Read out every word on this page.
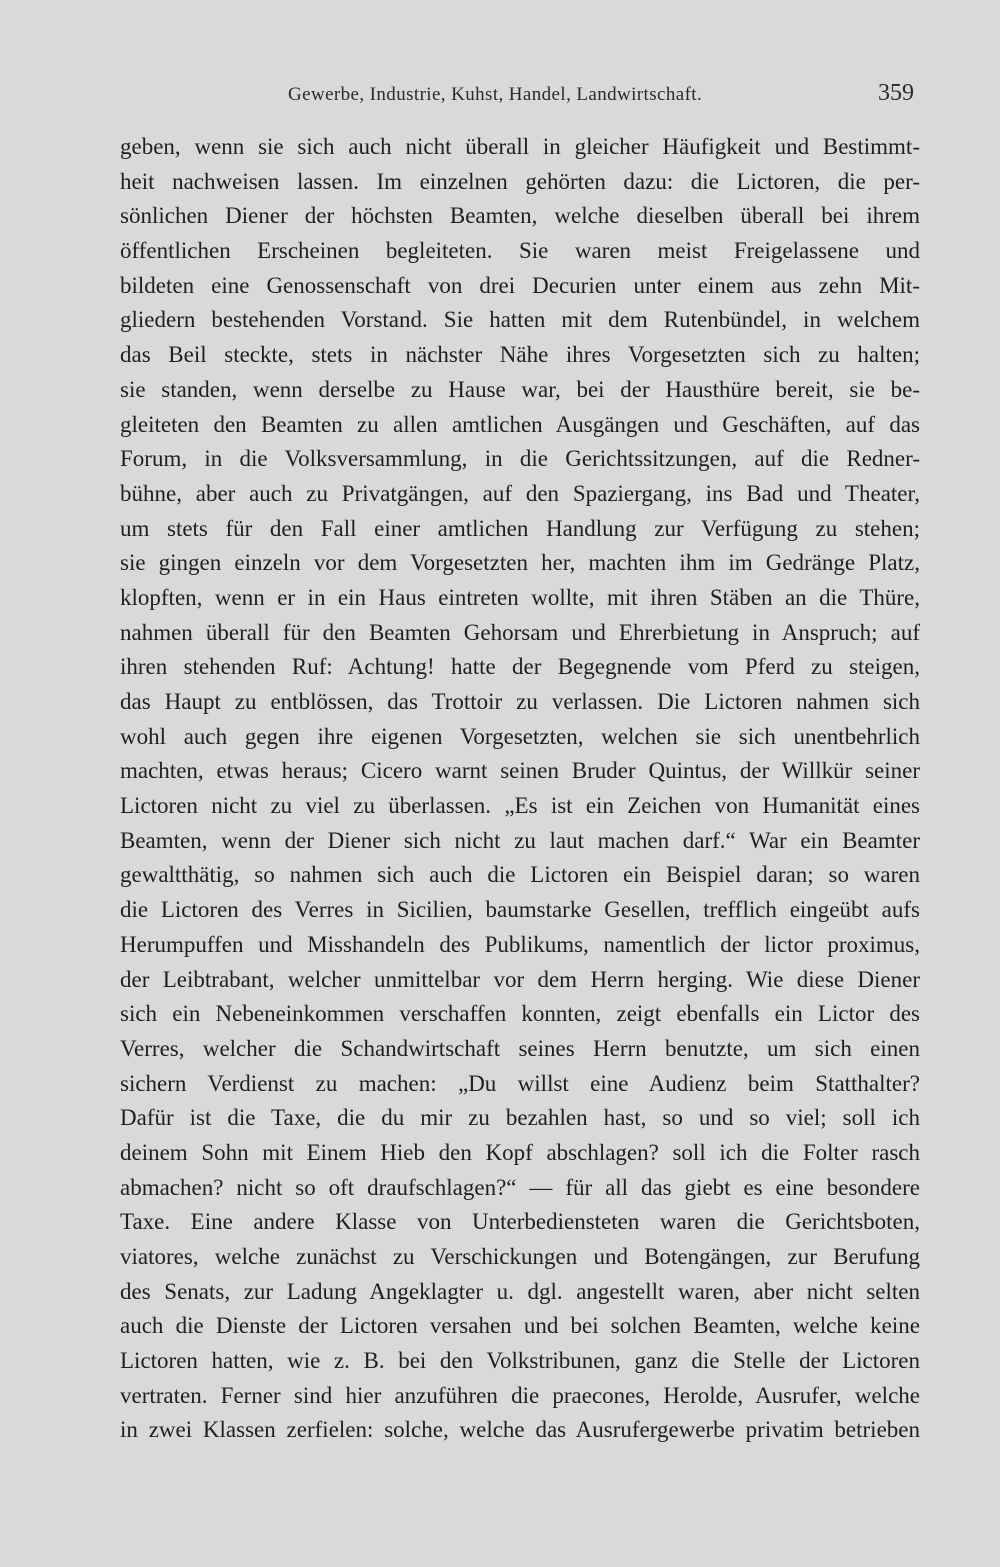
Gewerbe, Industrie, Kuhst, Handel, Landwirtschaft.	359
geben, wenn sie sich auch nicht überall in gleicher Häufigkeit und Bestimmt-
heit nachweisen lassen. Im einzelnen gehörten dazu: die Lictoren, die per-
sönlichen Diener der höchsten Beamten, welche dieselben überall bei ihrem
öffentlichen Erscheinen begleiteten. Sie waren meist Freigelassene und
bildeten eine Genossenschaft von drei Decurien unter einem aus zehn Mit-
gliedern bestehenden Vorstand. Sie hatten mit dem Rutenbündel, in welchem
das Beil steckte, stets in nächster Nähe ihres Vorgesetzten sich zu halten;
sie standen, wenn derselbe zu Hause war, bei der Hausthüre bereit, sie be-
gleiteten den Beamten zu allen amtlichen Ausgängen und Geschäften, auf das
Forum, in die Volksversammlung, in die Gerichtssitzungen, auf die Redner-
bühne, aber auch zu Privatgängen, auf den Spaziergang, ins Bad und Theater,
um stets für den Fall einer amtlichen Handlung zur Verfügung zu stehen;
sie gingen einzeln vor dem Vorgesetzten her, machten ihm im Gedränge Platz,
klopften, wenn er in ein Haus eintreten wollte, mit ihren Stäben an die Thüre,
nahmen überall für den Beamten Gehorsam und Ehrerbietung in Anspruch; auf
ihren stehenden Ruf: Achtung! hatte der Begegnende vom Pferd zu steigen,
das Haupt zu entblössen, das Trottoir zu verlassen. Die Lictoren nahmen sich
wohl auch gegen ihre eigenen Vorgesetzten, welchen sie sich unentbehrlich
machten, etwas heraus; Cicero warnt seinen Bruder Quintus, der Willkür seiner
Lictoren nicht zu viel zu überlassen. „Es ist ein Zeichen von Humanität eines
Beamten, wenn der Diener sich nicht zu laut machen darf.“ War ein Beamter
gewaltthätig, so nahmen sich auch die Lictoren ein Beispiel daran; so waren
die Lictoren des Verres in Sicilien, baumstarke Gesellen, trefflich eingeübt aufs
Herumpuffen und Misshandeln des Publikums, namentlich der lictor proximus,
der Leibtrabant, welcher unmittelbar vor dem Herrn herging. Wie diese Diener
sich ein Nebeneinkommen verschaffen konnten, zeigt ebenfalls ein Lictor des
Verres, welcher die Schandwirtschaft seines Herrn benutzte, um sich einen
sichern Verdienst zu machen: „Du willst eine Audienz beim Statthalter?
Dafür ist die Taxe, die du mir zu bezahlen hast, so und so viel; soll ich
deinem Sohn mit Einem Hieb den Kopf abschlagen? soll ich die Folter rasch
abmachen? nicht so oft draufschlagen?“ — für all das giebt es eine besondere
Taxe. Eine andere Klasse von Unterbediensteten waren die Gerichtsboten,
viatores, welche zunächst zu Verschickungen und Botengängen, zur Berufung
des Senats, zur Ladung Angeklagter u. dgl. angestellt waren, aber nicht selten
auch die Dienste der Lictoren versahen und bei solchen Beamten, welche keine
Lictoren hatten, wie z. B. bei den Volkstribunen, ganz die Stelle der Lictoren
vertraten. Ferner sind hier anzuführen die praecones, Herolde, Ausrufer, welche
in zwei Klassen zerfielen: solche, welche das Ausrufergewerbe privatim betrieben
